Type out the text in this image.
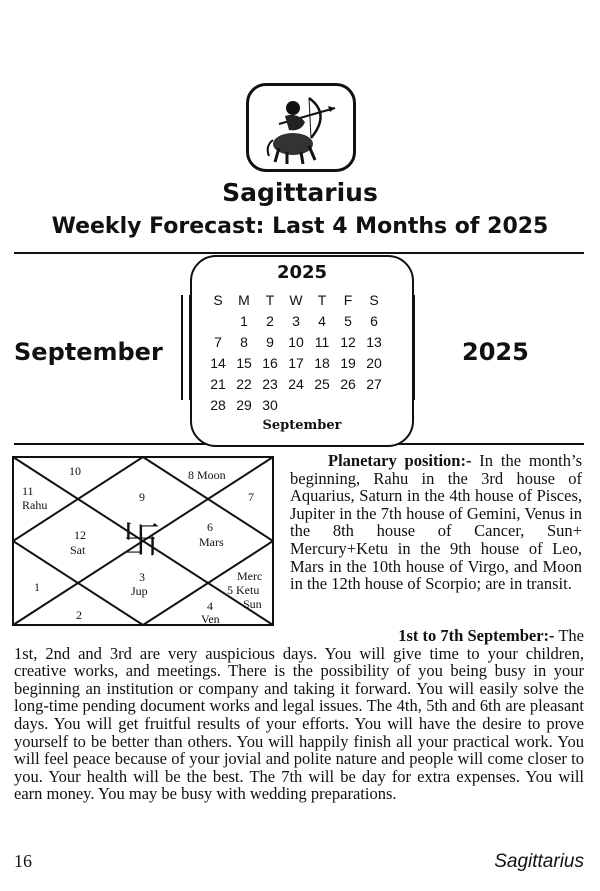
Sagittarius
Weekly Forecast: Last 4 Months of 2025
2025
S	M	T	W	T	F	S
	1	2	3	4	5	6
7	8	9	10	11	12	13
14	15	16	17	18	19	20
21	22	23	24	25	26	27
28	29	30				
September
September	2025
10	8 Moon
11
Rahu
9	7
12
Sat 卐	6
Mars
1
3
Jup
Merc
5 Ketu
Sun
4
Ven
2
Planetary position:- In the month’s beginning, Rahu in the 3rd house of Aquarius, Saturn in the 4th house of Pisces, Jupiter in the 7th house of Gemini, Venus in the 8th house of Cancer, Sun+ Mercury+Ketu in the 9th house of Leo, Mars in the 10th house of Virgo, and Moon in the 12th house of Scorpio; are in transit.
1st to 7th September:- The
1st, 2nd and 3rd are very auspicious days. You will give time to your children, creative works, and meetings. There is the possibility of you being busy in your beginning an institution or company and taking it forward. You will easily solve the long-time pending document works and legal issues. The 4th, 5th and 6th are pleasant days. You will get fruitful results of your efforts. You will have the desire to prove yourself to be better than others. You will happily finish all your practical work. You will feel peace because of your jovial and polite nature and people will come closer to you. Your health will be the best. The 7th will be day for extra expenses. You will earn money. You may be busy with wedding preparations.
16	Sagittarius
